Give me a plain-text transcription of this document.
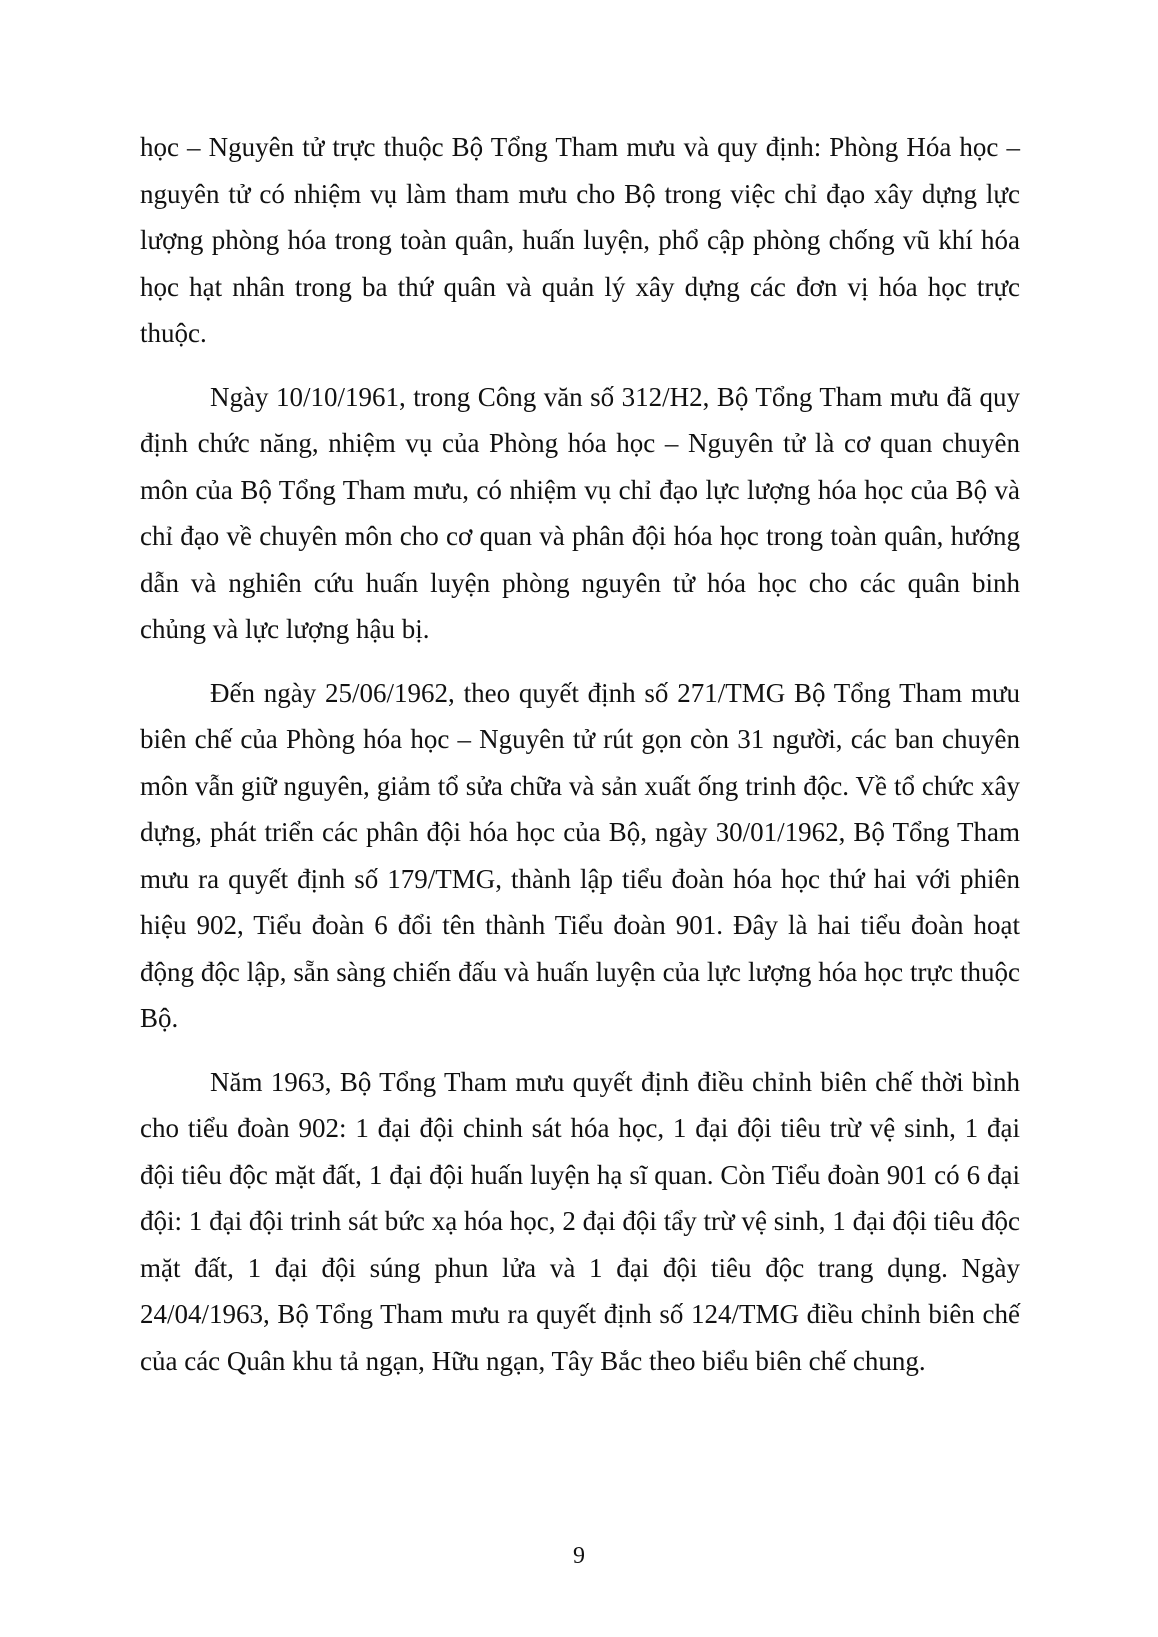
học – Nguyên tử trực thuộc Bộ Tổng Tham mưu và quy định: Phòng Hóa học – nguyên tử có nhiệm vụ làm tham mưu cho Bộ trong việc chỉ đạo xây dựng lực lượng phòng hóa trong toàn quân, huấn luyện, phổ cập phòng chống vũ khí hóa học hạt nhân trong ba thứ quân và quản lý xây dựng các đơn vị hóa học trực thuộc.

Ngày 10/10/1961, trong Công văn số 312/H2, Bộ Tổng Tham mưu đã quy định chức năng, nhiệm vụ của Phòng hóa học – Nguyên tử là cơ quan chuyên môn của Bộ Tổng Tham mưu, có nhiệm vụ chỉ đạo lực lượng hóa học của Bộ và chỉ đạo về chuyên môn cho cơ quan và phân đội hóa học trong toàn quân, hướng dẫn và nghiên cứu huấn luyện phòng nguyên tử hóa học cho các quân binh chủng và lực lượng hậu bị.

Đến ngày 25/06/1962, theo quyết định số 271/TMG Bộ Tổng Tham mưu biên chế của Phòng hóa học – Nguyên tử rút gọn còn 31 người, các ban chuyên môn vẫn giữ nguyên, giảm tổ sửa chữa và sản xuất ống trinh độc. Về tổ chức xây dựng, phát triển các phân đội hóa học của Bộ, ngày 30/01/1962, Bộ Tổng Tham mưu ra quyết định số 179/TMG, thành lập tiểu đoàn hóa học thứ hai với phiên hiệu 902, Tiểu đoàn 6 đổi tên thành Tiểu đoàn 901. Đây là hai tiểu đoàn hoạt động độc lập, sẵn sàng chiến đấu và huấn luyện của lực lượng hóa học trực thuộc Bộ.

Năm 1963, Bộ Tổng Tham mưu quyết định điều chỉnh biên chế thời bình cho tiểu đoàn 902: 1 đại đội chinh sát hóa học, 1 đại đội tiêu trừ vệ sinh, 1 đại đội tiêu độc mặt đất, 1 đại đội huấn luyện hạ sĩ quan. Còn Tiểu đoàn 901 có 6 đại đội: 1 đại đội trinh sát bức xạ hóa học, 2 đại đội tẩy trừ vệ sinh, 1 đại đội tiêu độc mặt đất, 1 đại đội súng phun lửa và 1 đại đội tiêu độc trang dụng. Ngày 24/04/1963, Bộ Tổng Tham mưu ra quyết định số 124/TMG điều chỉnh biên chế của các Quân khu tả ngạn, Hữu ngạn, Tây Bắc theo biểu biên chế chung.

9
